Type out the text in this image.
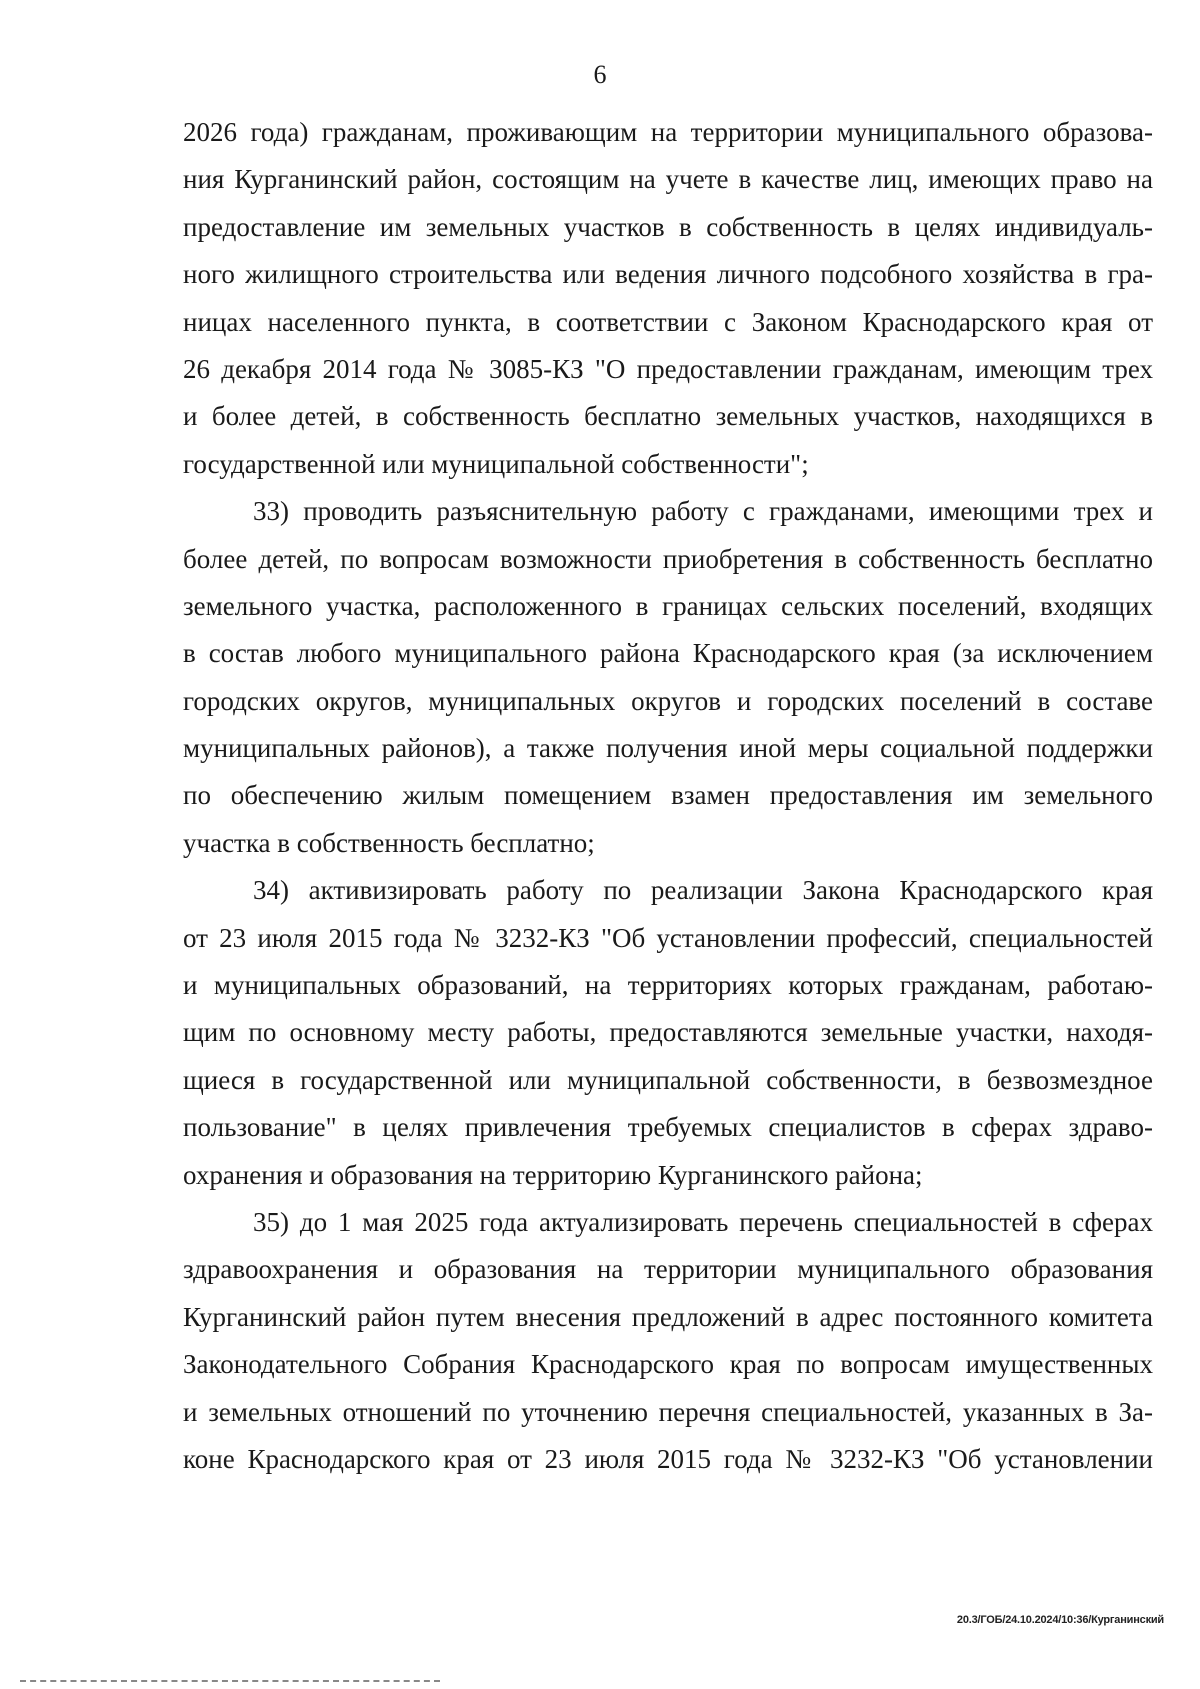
6
2026 года) гражданам, проживающим на территории муниципального образова-
ния Курганинский район, состоящим на учете в качестве лиц, имеющих право на
предоставление им земельных участков в собственность в целях индивидуаль-
ного жилищного строительства или ведения личного подсобного хозяйства в гра-
ницах населенного пункта, в соответствии с Законом Краснодарского края от
26 декабря 2014 года № 3085-КЗ "О предоставлении гражданам, имеющим трех
и более детей, в собственность бесплатно земельных участков, находящихся в
государственной или муниципальной собственности";
33) проводить разъяснительную работу с гражданами, имеющими трех и
более детей, по вопросам возможности приобретения в собственность бесплатно
земельного участка, расположенного в границах сельских поселений, входящих
в состав любого муниципального района Краснодарского края (за исключением
городских округов, муниципальных округов и городских поселений в составе
муниципальных районов), а также получения иной меры социальной поддержки
по обеспечению жилым помещением взамен предоставления им земельного
участка в собственность бесплатно;
34) активизировать работу по реализации Закона Краснодарского края
от 23 июля 2015 года № 3232-КЗ "Об установлении профессий, специальностей
и муниципальных образований, на территориях которых гражданам, работаю-
щим по основному месту работы, предоставляются земельные участки, находя-
щиеся в государственной или муниципальной собственности, в безвозмездное
пользование" в целях привлечения требуемых специалистов в сферах здраво-
охранения и образования на территорию Курганинского района;
35) до 1 мая 2025 года актуализировать перечень специальностей в сферах
здравоохранения и образования на территории муниципального образования
Курганинский район путем внесения предложений в адрес постоянного комитета
Законодательного Собрания Краснодарского края по вопросам имущественных
и земельных отношений по уточнению перечня специальностей, указанных в За-
коне Краснодарского края от 23 июля 2015 года № 3232-КЗ "Об установлении
20.3/ГОБ/24.10.2024/10:36/Курганинский
